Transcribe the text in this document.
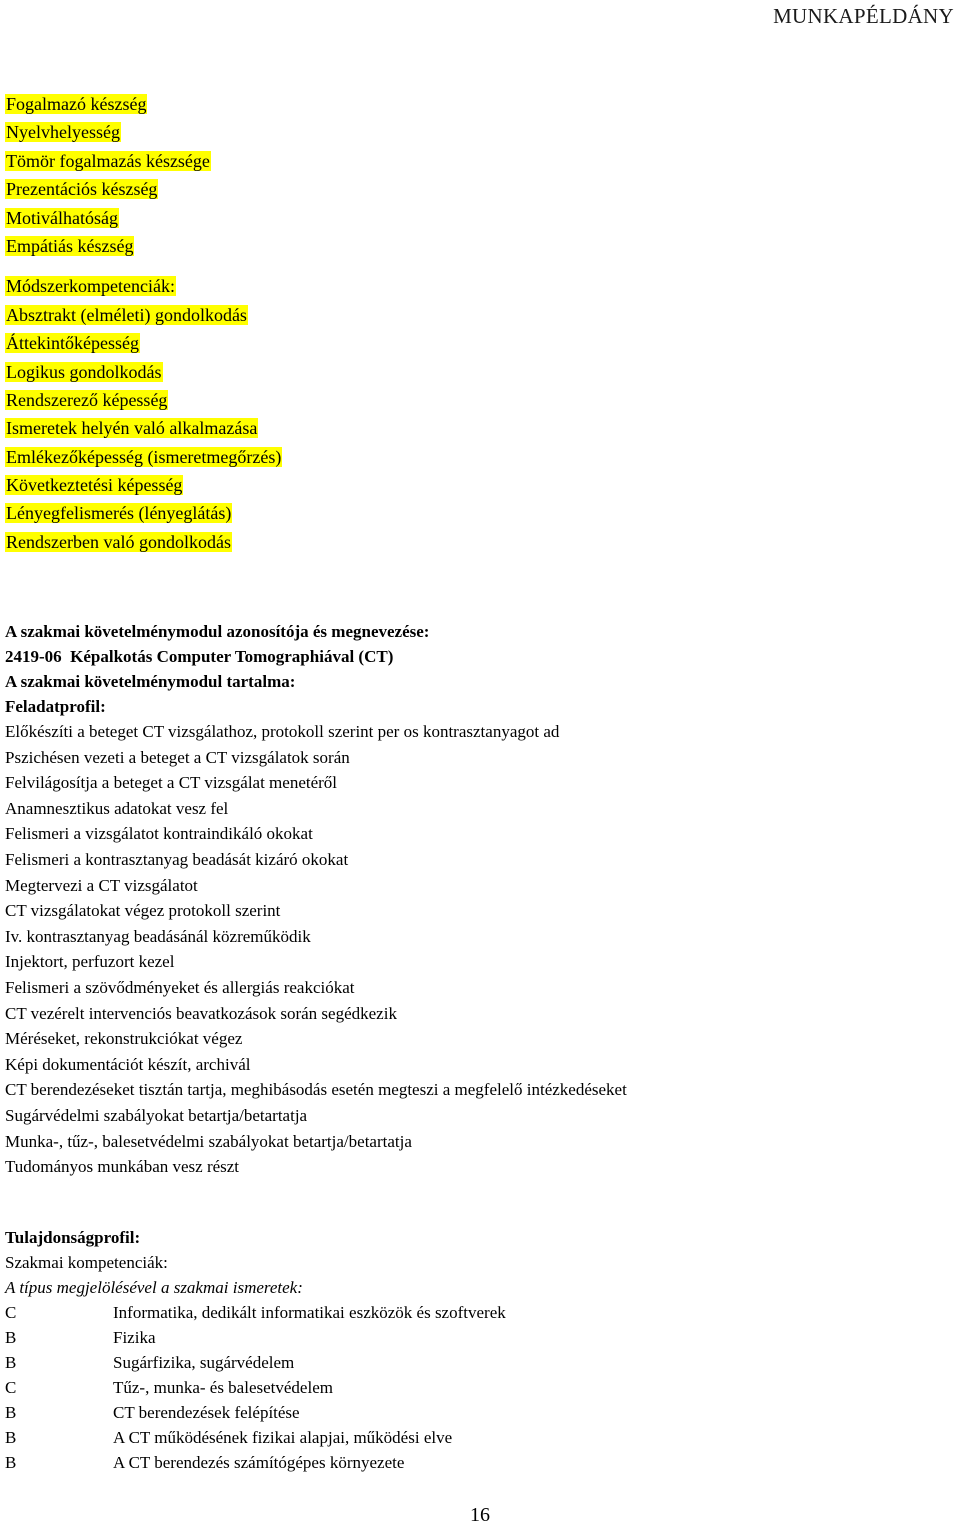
MUNKAPÉLDÁNY
Fogalmazó készség
Nyelvhelyesség
Tömör fogalmazás készsége
Prezentációs készség
Motiválhatóság
Empátiás készség
Módszerkompetenciák:
Absztrakt (elméleti) gondolkodás
Áttekintőképesség
Logikus gondolkodás
Rendszerező képesség
Ismeretek helyén való alkalmazása
Emlékezőképesség (ismeretmegőrzés)
Következtetési képesség
Lényegfelismerés (lényeglátás)
Rendszerben való gondolkodás
A szakmai követelménymodul azonosítója és megnevezése:
2419-06  Képalkotás Computer Tomographiával (CT)
A szakmai követelménymodul tartalma:
Feladatprofil:
Előkészíti a beteget CT vizsgálathoz, protokoll szerint per os kontrasztanyagot ad
Pszichésen vezeti a beteget a CT vizsgálatok során
Felvilágosítja a beteget a CT vizsgálat menetéről
Anamnesztikus adatokat vesz fel
Felismeri a vizsgálatot kontraindikáló okokat
Felismeri a kontrasztanyag beadását kizáró okokat
Megtervezi a CT vizsgálatot
CT vizsgálatokat végez protokoll szerint
Iv. kontrasztanyag beadásánál közreműködik
Injektort, perfuzort kezel
Felismeri a szövődményeket és allergiás reakciókat
CT vezérelt intervenciós beavatkozások során segédkezik
Méréseket, rekonstrukciókat végez
Képi dokumentációt készít, archivál
CT berendezéseket tisztán tartja, meghibásodás esetén megteszi a megfelelő intézkedéseket
Sugárvédelmi szabályokat betartja/betartatja
Munka-, tűz-, balesetvédelmi szabályokat betartja/betartatja
Tudományos munkában vesz részt
Tulajdonságprofil:
Szakmai kompetenciák:
A típus megjelölésével a szakmai ismeretek:
C	Informatika, dedikált informatikai eszközök és szoftverek
B	Fizika
B	Sugárfizika, sugárvédelem
C	Tűz-, munka- és balesetvédelem
B	CT berendezések felépítése
B	A CT működésének fizikai alapjai, működési elve
B	A CT berendezés számítógépes környezete
16
